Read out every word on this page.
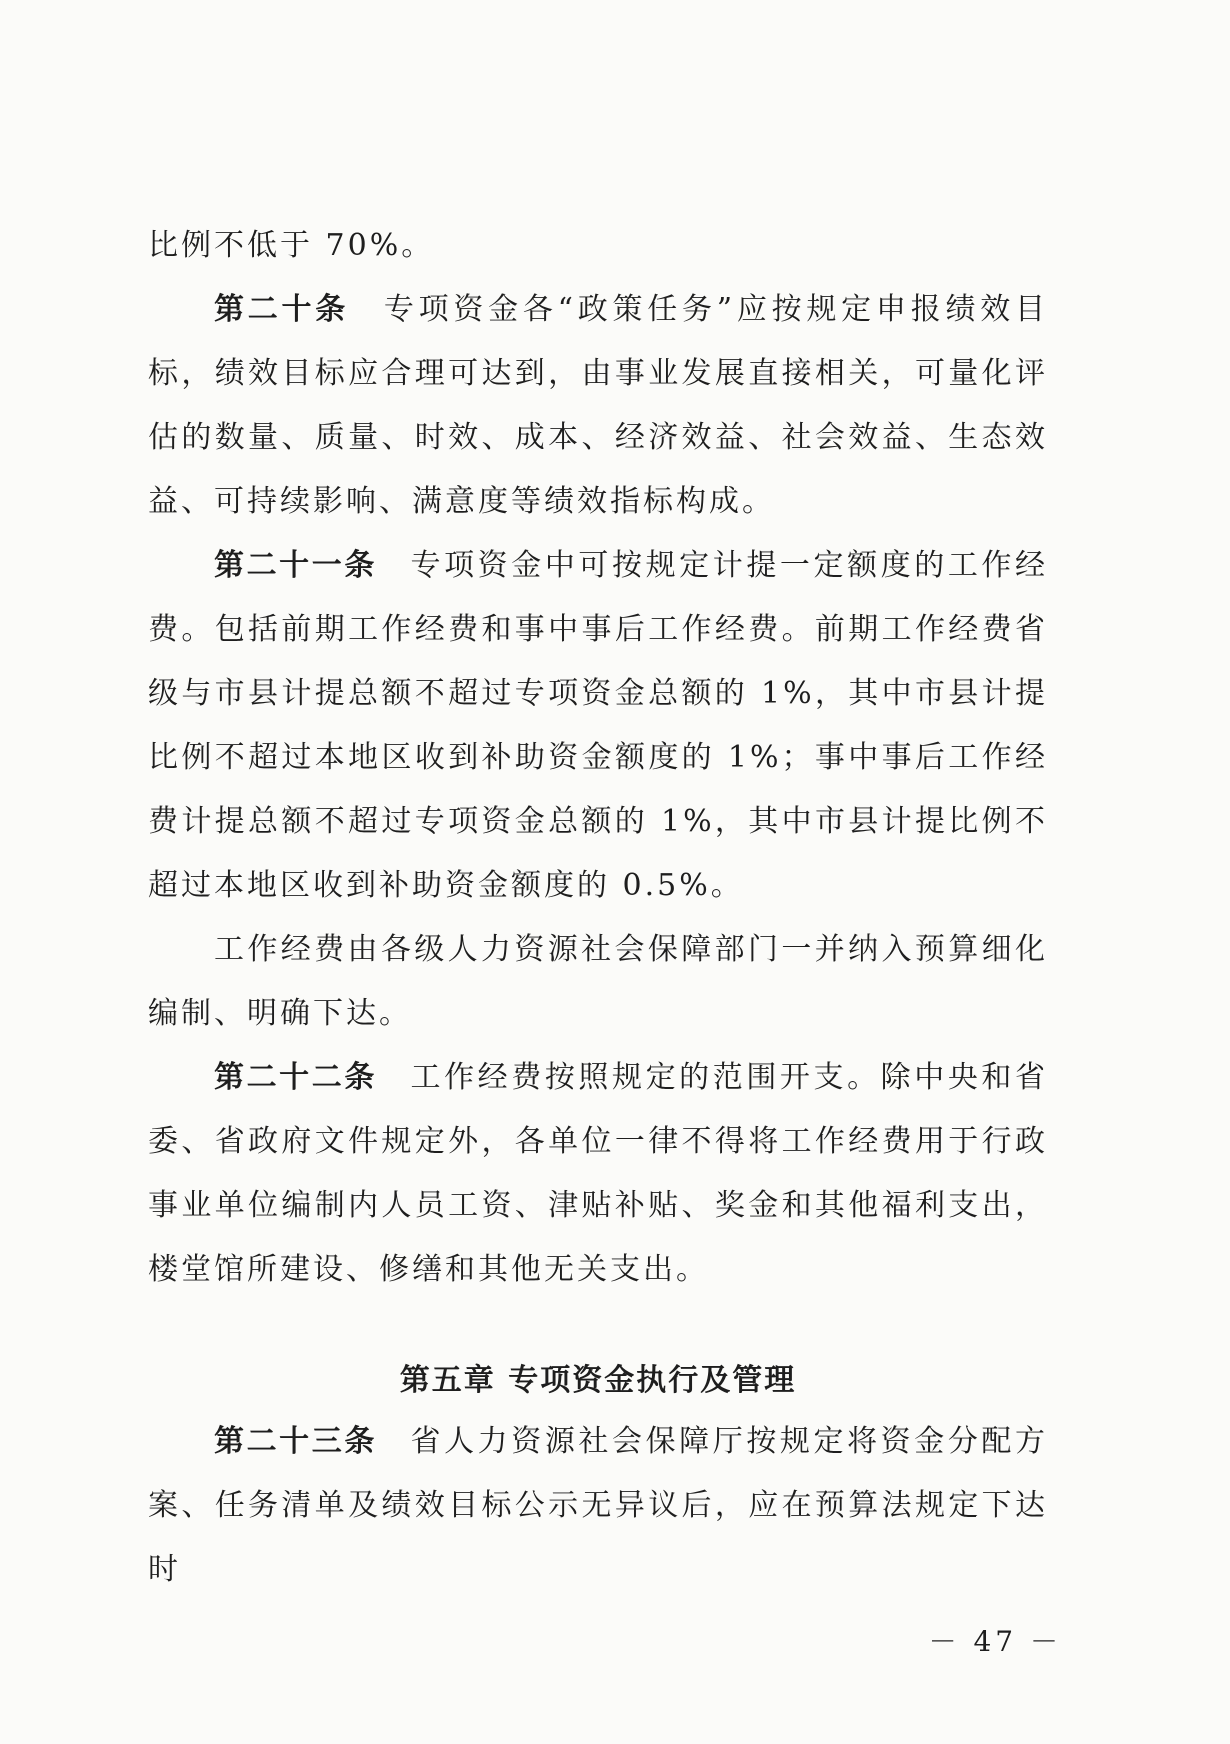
比例不低于 70%。

第二十条  专项资金各“政策任务”应按规定申报绩效目标，绩效目标应合理可达到，由事业发展直接相关，可量化评估的数量、质量、时效、成本、经济效益、社会效益、生态效益、可持续影响、满意度等绩效指标构成。

第二十一条  专项资金中可按规定计提一定额度的工作经费。包括前期工作经费和事中事后工作经费。前期工作经费省级与市县计提总额不超过专项资金总额的 1%，其中市县计提比例不超过本地区收到补助资金额度的 1%；事中事后工作经费计提总额不超过专项资金总额的 1%，其中市县计提比例不超过本地区收到补助资金额度的 0.5%。

工作经费由各级人力资源社会保障部门一并纳入预算细化编制、明确下达。

第二十二条  工作经费按照规定的范围开支。除中央和省委、省政府文件规定外，各单位一律不得将工作经费用于行政事业单位编制内人员工资、津贴补贴、奖金和其他福利支出，楼堂馆所建设、修缮和其他无关支出。

第五章 专项资金执行及管理

第二十三条  省人力资源社会保障厅按规定将资金分配方案、任务清单及绩效目标公示无异议后，应在预算法规定下达时

－ 47 －
